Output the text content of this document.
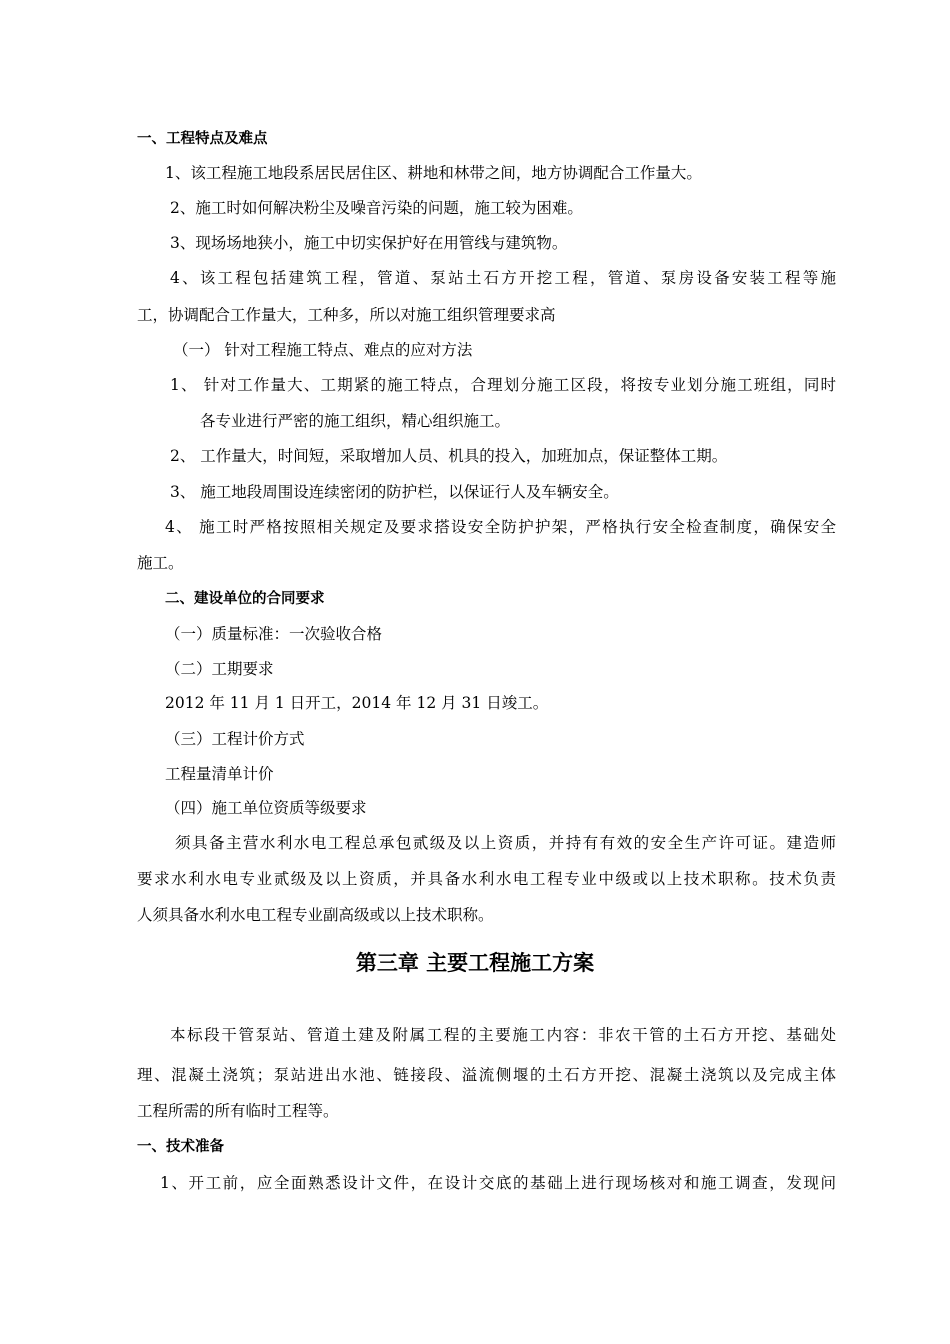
一、工程特点及难点
1、该工程施工地段系居民居住区、耕地和林带之间，地方协调配合工作量大。
2、施工时如何解决粉尘及噪音污染的问题，施工较为困难。
3、现场场地狭小，施工中切实保护好在用管线与建筑物。
4、该工程包括建筑工程，管道、泵站土石方开挖工程，管道、泵房设备安装工程等施
工，协调配合工作量大，工种多，所以对施工组织管理要求高
（一） 针对工程施工特点、难点的应对方法
1、 针对工作量大、工期紧的施工特点，合理划分施工区段，将按专业划分施工班组，同时
各专业进行严密的施工组织，精心组织施工。
2、 工作量大，时间短，采取增加人员、机具的投入，加班加点，保证整体工期。
3、 施工地段周围设连续密闭的防护栏，以保证行人及车辆安全。
4、 施工时严格按照相关规定及要求搭设安全防护护架，严格执行安全检查制度，确保安全
施工。
二、建设单位的合同要求
（一）质量标准：一次验收合格
（二）工期要求
2012 年 11 月 1 日开工，2014 年 12 月 31 日竣工。
（三）工程计价方式
工程量清单计价
（四）施工单位资质等级要求
须具备主营水利水电工程总承包贰级及以上资质，并持有有效的安全生产许可证。建造师
要求水利水电专业贰级及以上资质，并具备水利水电工程专业中级或以上技术职称。技术负责
人须具备水利水电工程专业副高级或以上技术职称。
第三章 主要工程施工方案
本标段干管泵站、管道土建及附属工程的主要施工内容：非农干管的土石方开挖、基础处
理、混凝土浇筑；泵站进出水池、链接段、溢流侧堰的土石方开挖、混凝土浇筑以及完成主体
工程所需的所有临时工程等。
一、技术准备
1、开工前，应全面熟悉设计文件，在设计交底的基础上进行现场核对和施工调查，发现问
